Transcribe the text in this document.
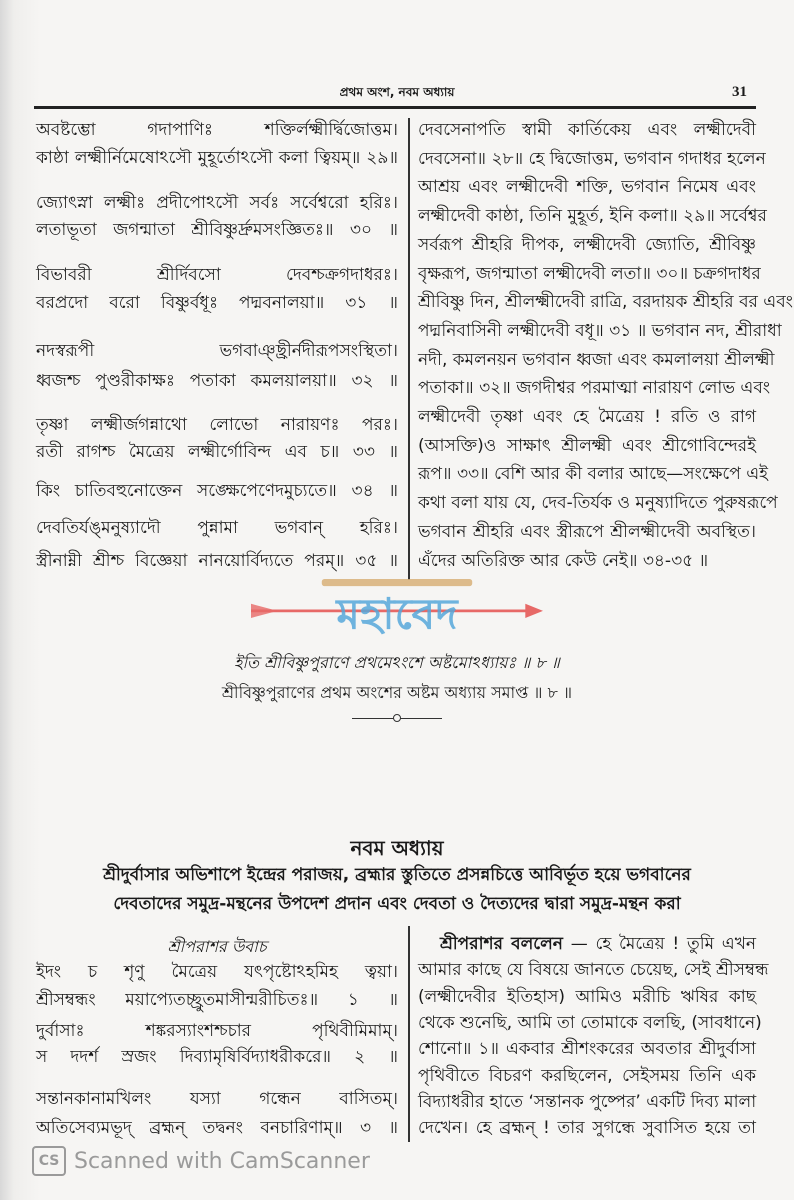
প্রথম অংশ, নবম অধ্যায়	31
অবষ্টম্ভো গদাপাণিঃ শক্তির্লক্ষ্মীর্দ্বিজোত্তম।
কাষ্ঠা লক্ষ্মীর্নিমেষোঽসৌ মুহূর্তোঽসৌ কলা ত্বিয়ম্॥ ২৯॥
জ্যোৎস্না লক্ষ্মীঃ প্রদীপোঽসৌ সর্বঃ সর্বেশ্বরো হরিঃ।
লতাভূতা জগন্মাতা শ্রীবিষ্ণুর্দ্রুমসংজ্ঞিতঃ॥ ৩০ ॥
বিভাবরী শ্রীর্দিবসো দেবশ্চক্রগদাধরঃ।
বরপ্রদো বরো বিষ্ণুর্বধূঃ পদ্মবনালয়া॥ ৩১ ॥
নদস্বরূপী ভগবাঞ্ছ্রীর্নদীরূপসংস্থিতা।
ধ্বজশ্চ পুণ্ডরীকাক্ষঃ পতাকা কমলয়ালয়া॥ ৩২ ॥
তৃষ্ণা লক্ষ্মীর্জগন্নাথো লোভো নারায়ণঃ পরঃ।
রতী রাগশ্চ মৈত্রেয় লক্ষ্মীর্গোবিন্দ এব চ॥ ৩৩ ॥
কিং চাতিবহুনোক্তেন সঙ্ক্ষেপেণেদমুচ্যতে॥ ৩৪ ॥
দেবতির্যঙ্‌মনুষ্যাদৌ পুন্নামা ভগবান্ হরিঃ।
স্ত্রীনাম্নী শ্রীশ্চ বিজ্ঞেয়া নানয়োর্বিদ্যতে পরম্॥ ৩৫ ॥
দেবসেনাপতি স্বামী কার্তিকেয় এবং লক্ষ্মীদেবী
দেবসেনা॥ ২৮॥ হে দ্বিজোত্তম, ভগবান গদাধর হলেন
আশ্রয় এবং লক্ষ্মীদেবী শক্তি, ভগবান নিমেষ এবং
লক্ষ্মীদেবী কাষ্ঠা, তিনি মুহূর্ত, ইনি কলা॥ ২৯॥ সর্বেশ্বর
সর্বরূপ শ্রীহরি দীপক, লক্ষ্মীদেবী জ্যোতি, শ্রীবিষ্ণু
বৃক্ষরূপ, জগন্মাতা লক্ষ্মীদেবী লতা॥ ৩০॥ চক্রগদাধর
শ্রীবিষ্ণু দিন, শ্রীলক্ষ্মীদেবী রাত্রি, বরদায়ক শ্রীহরি বর এবং
পদ্মনিবাসিনী লক্ষ্মীদেবী বধূ॥ ৩১ ॥ ভগবান নদ, শ্রীরাধা
নদী, কমলনয়ন ভগবান ধ্বজা এবং কমলালয়া শ্রীলক্ষ্মী
পতাকা॥ ৩২॥ জগদীশ্বর পরমাত্মা নারায়ণ লোভ এবং
লক্ষ্মীদেবী তৃষ্ণা এবং হে মৈত্রেয় ! রতি ও রাগ
(আসক্তি)ও সাক্ষাৎ শ্রীলক্ষ্মী এবং শ্রীগোবিন্দেরই
রূপ॥ ৩৩॥ বেশি আর কী বলার আছে—সংক্ষেপে এই
কথা বলা যায় যে, দেব-তির্যক ও মনুষ্যাদিতে পুরুষরূপে
ভগবান শ্রীহরি এবং স্ত্রীরূপে শ্রীলক্ষ্মীদেবী অবস্থিত।
এঁদের অতিরিক্ত আর কেউ নেই॥ ৩৪-৩৫ ॥
মহাবেদ
ইতি শ্রীবিষ্ণুপুরাণে প্রথমেঽংশে অষ্টমোঽধ্যায়ঃ ॥ ৮ ॥
শ্রীবিষ্ণুপুরাণের প্রথম অংশের অষ্টম অধ্যায় সমাপ্ত ॥ ৮ ॥
নবম অধ্যায়
শ্রীদুর্বাসার অভিশাপে ইন্দ্রের পরাজয়, ব্রহ্মার স্তুতিতে প্রসন্নচিত্তে আবির্ভূত হয়ে ভগবানের
দেবতাদের সমুদ্র-মন্থনের উপদেশ প্রদান এবং দেবতা ও দৈত্যদের দ্বারা সমুদ্র-মন্থন করা
শ্রীপরাশর উবাচ
ইদং চ শৃণু মৈত্রেয় যৎপৃষ্টোঽহমিহ ত্বয়া।
শ্রীসম্বন্ধং ময়াপ্যেতচ্ছ্রুতমাসীন্মরীচিতঃ॥ ১ ॥
দুর্বাসাঃ শঙ্করস্যাংশশ্চচার পৃথিবীমিমাম্।
স দদর্শ স্রজং দিব্যামৃষির্বিদ্যাধরীকরে॥ ২ ॥
সন্তানকানামখিলং যস্যা গন্ধেন বাসিতম্।
অতিসেব্যমভূদ্ ব্রহ্মন্ তদ্বনং বনচারিণাম্॥ ৩ ॥
শ্রীপরাশর বললেন — হে মৈত্রেয় ! তুমি এখন
আমার কাছে যে বিষয়ে জানতে চেয়েছ, সেই শ্রীসম্বন্ধ
(লক্ষ্মীদেবীর ইতিহাস) আমিও মরীচি ঋষির কাছ
থেকে শুনেছি, আমি তা তোমাকে বলছি, (সাবধানে)
শোনো॥ ১॥ একবার শ্রীশংকরের অবতার শ্রীদুর্বাসা
পৃথিবীতে বিচরণ করছিলেন, সেইসময় তিনি এক
বিদ্যাধরীর হাতে ‘সন্তানক পুষ্পের’ একটি দিব্য মালা
দেখেন। হে ব্রহ্মন্ ! তার সুগন্ধে সুবাসিত হয়ে তা
CS Scanned with CamScanner
